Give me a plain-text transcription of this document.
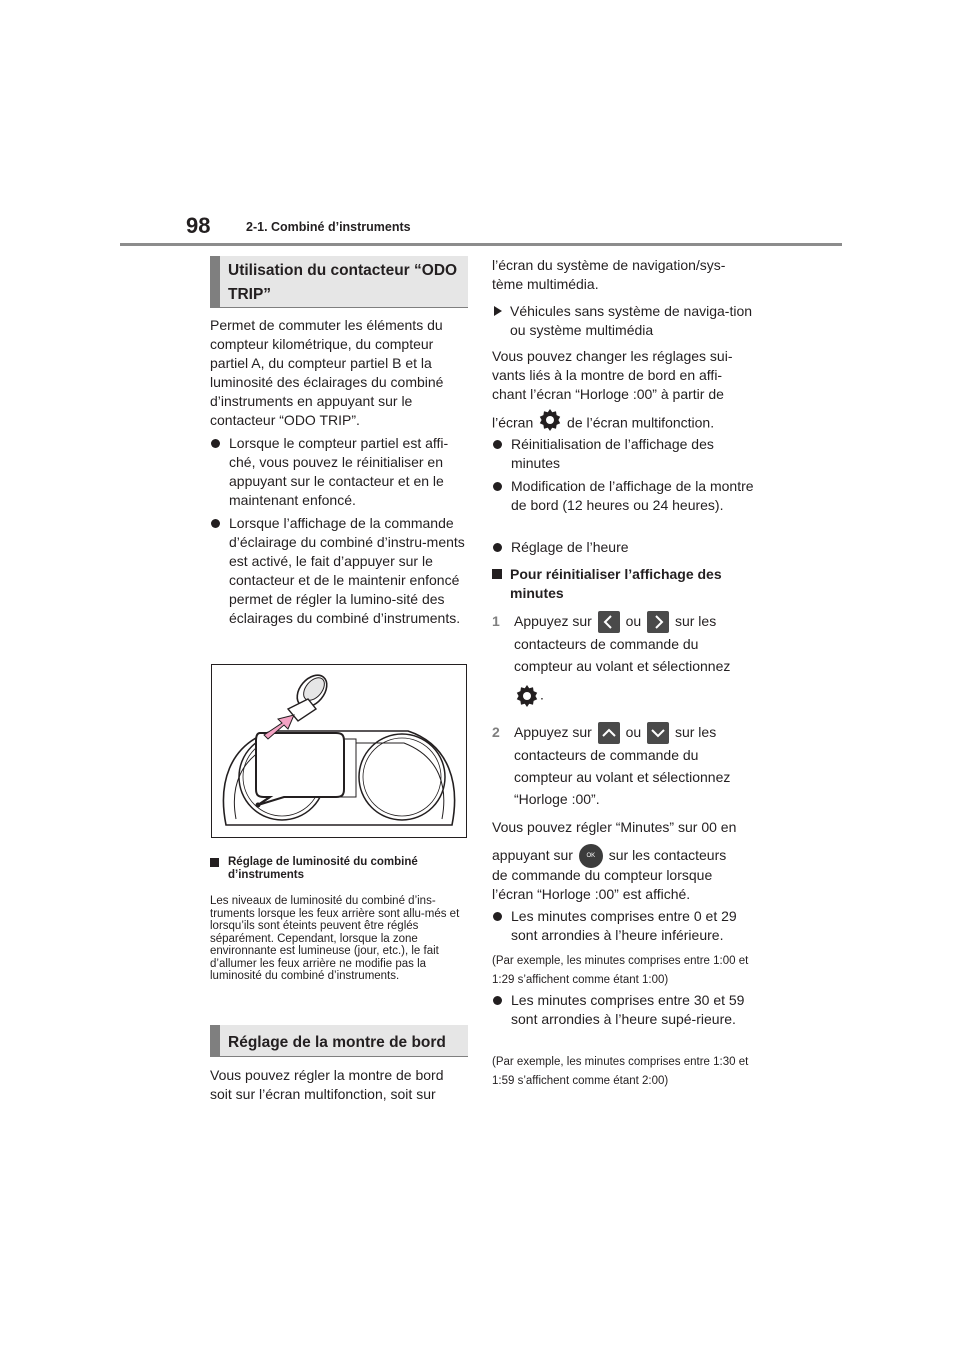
98	2-1. Combiné d’instruments
Utilisation du contacteur “ODO TRIP”

Permet de commuter les éléments du compteur kilométrique, du compteur partiel A, du compteur partiel B et la luminosité des éclairages du combiné d’instruments en appuyant sur le contacteur “ODO TRIP”.

Lorsque le compteur partiel est affi-ché, vous pouvez le réinitialiser en appuyant sur le contacteur et en le maintenant enfoncé.
Lorsque l’affichage de la commande d’éclairage du combiné d’instru-ments est activé, le fait d’appuyer sur le contacteur et de le maintenir enfoncé permet de régler la lumino-sité des éclairages du combiné d’instruments.
Réglage de luminosité du combiné d’instruments

Les niveaux de luminosité du combiné d’ins-truments lorsque les feux arrière sont allu-més et lorsqu’ils sont éteints peuvent être réglés séparément. Cependant, lorsque la zone environnante est lumineuse (jour, etc.), le fait d’allumer les feux arrière ne modifie pas la luminosité du combiné d’instruments.

Réglage de la montre de bord

Vous pouvez régler la montre de bord soit sur l’écran multifonction, soit sur

l’écran du système de navigation/sys-tème multimédia.

Véhicules sans système de naviga-tion ou système multimédia

Vous pouvez changer les réglages sui-vants liés à la montre de bord en affi-chant l’écran “Horloge :00” à partir de

l’écran de l’écran multifonction.
Réinitialisation de l’affichage des minutes
Modification de l’affichage de la montre de bord (12 heures ou 24 heures).
Réglage de l’heure
Pour réinitialiser l’affichage des minutes
1 Appuyez sur ou sur les
contacteurs de commande du
compteur au volant et sélectionnez
.
2 Appuyez sur ou sur les
contacteurs de commande du
compteur au volant et sélectionnez
“Horloge :00”.

Vous pouvez régler “Minutes” sur 00 en

appuyant sur OK sur les contacteurs

de commande du compteur lorsque l’écran “Horloge :00” est affiché.

Les minutes comprises entre 0 et 29 sont arrondies à l’heure inférieure.

(Par exemple, les minutes comprises entre 1:00 et 1:29 s’affichent comme étant 1:00)

Les minutes comprises entre 30 et 59 sont arrondies à l’heure supé-rieure.

(Par exemple, les minutes comprises entre 1:30 et 1:59 s’affichent comme étant 2:00)
